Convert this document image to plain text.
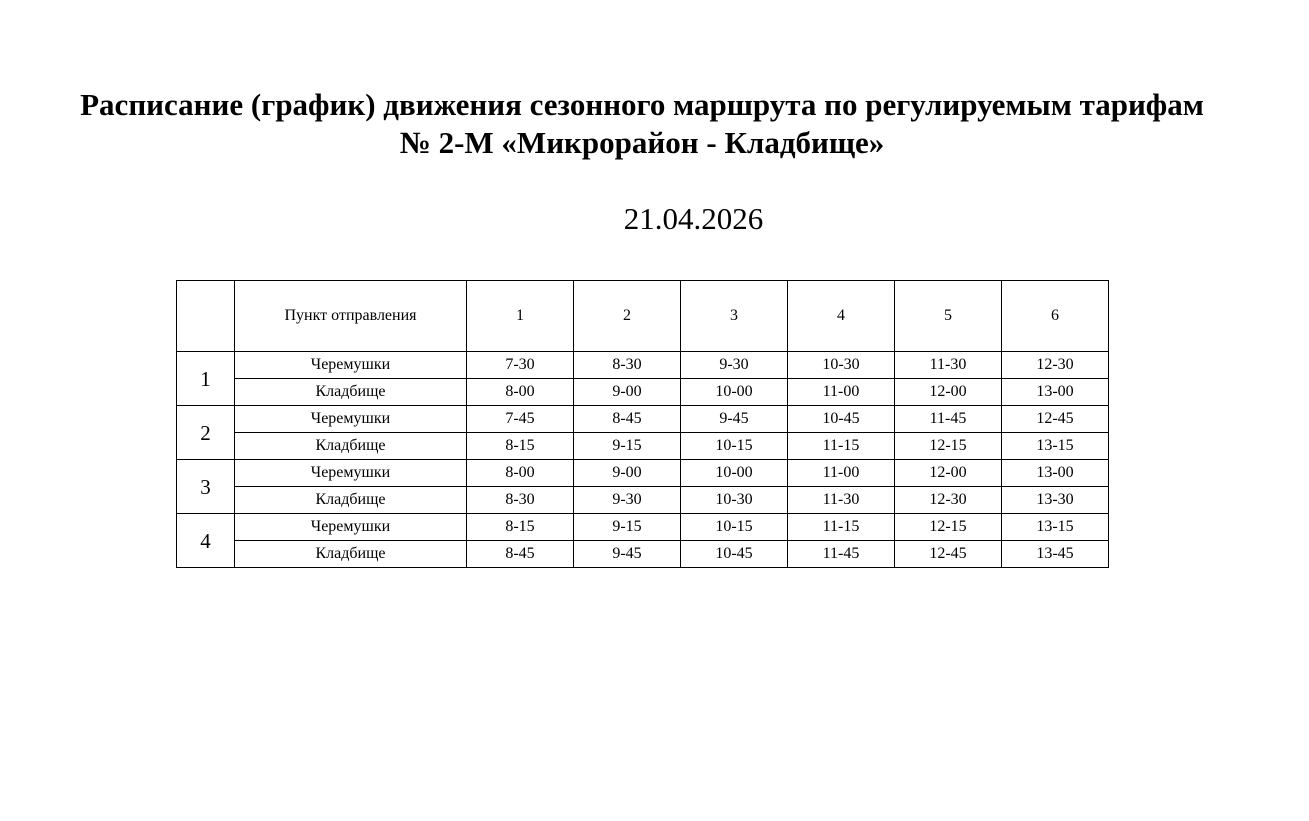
Расписание (график) движения сезонного маршрута по регулируемым тарифам
№ 2-М «Микрорайон - Кладбище»
21.04.2026
	Пункт отправления	1	2	3	4	5	6
1	Черемушки	7-30	8-30	9-30	10-30	11-30	12-30
	Кладбище	8-00	9-00	10-00	11-00	12-00	13-00
2	Черемушки	7-45	8-45	9-45	10-45	11-45	12-45
	Кладбище	8-15	9-15	10-15	11-15	12-15	13-15
3	Черемушки	8-00	9-00	10-00	11-00	12-00	13-00
	Кладбище	8-30	9-30	10-30	11-30	12-30	13-30
4	Черемушки	8-15	9-15	10-15	11-15	12-15	13-15
	Кладбище	8-45	9-45	10-45	11-45	12-45	13-45
